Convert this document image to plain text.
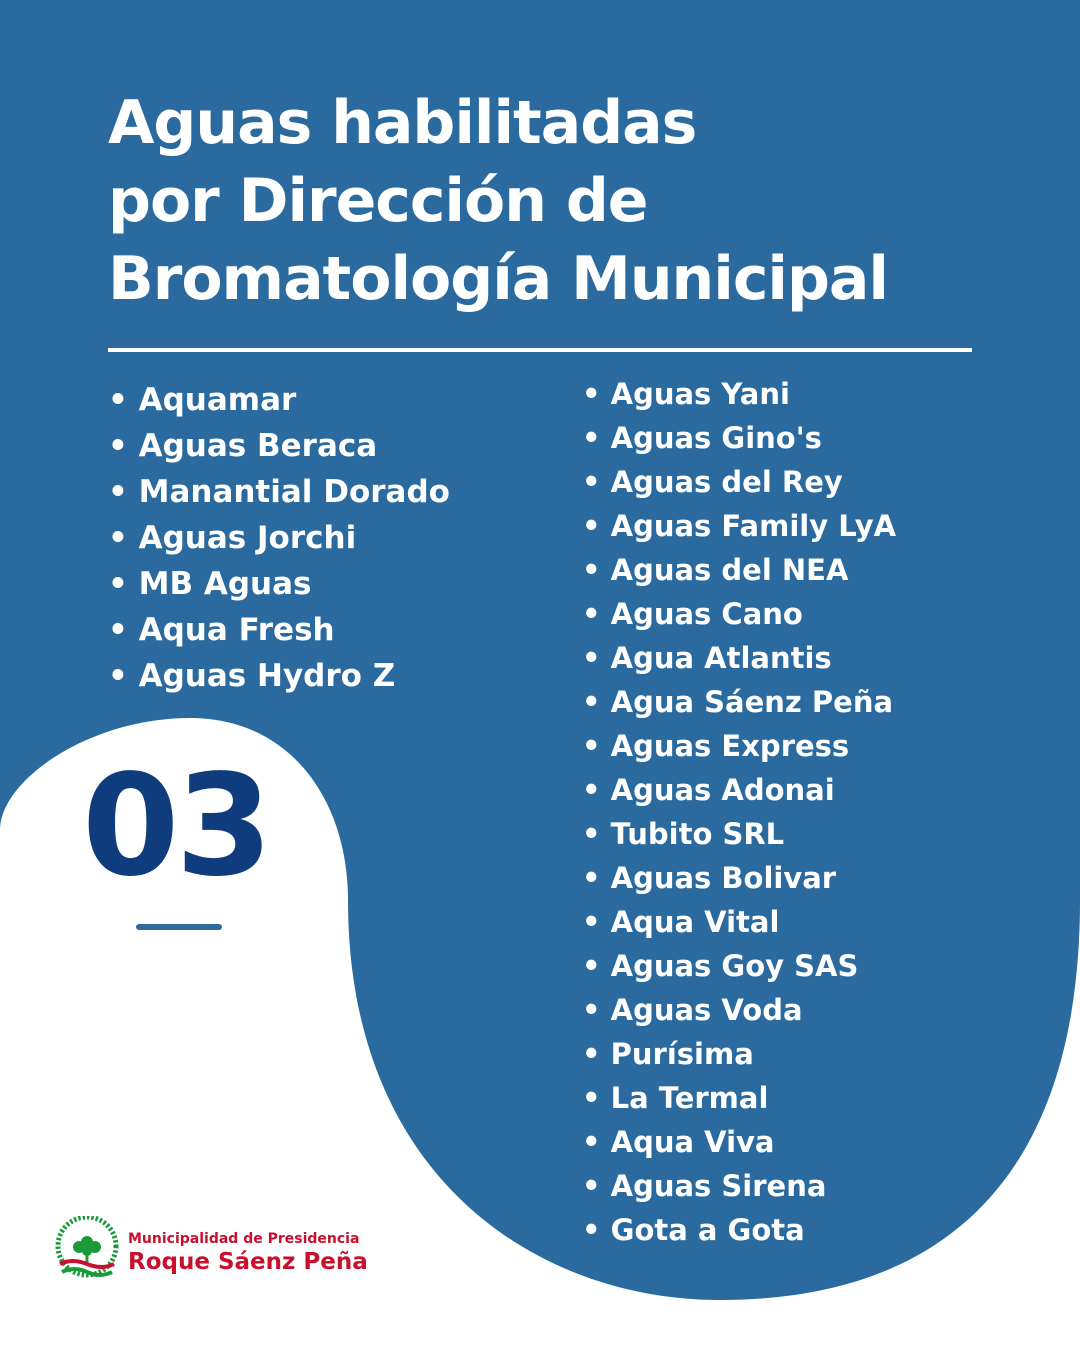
Aguas habilitadas
por Dirección de
Bromatología Municipal
• Aquamar
• Aguas Beraca
• Manantial Dorado
• Aguas Jorchi
• MB Aguas
• Aqua Fresh
• Aguas Hydro Z
• Aguas Yani
• Aguas Gino's
• Aguas del Rey
• Aguas Family LyA
• Aguas del NEA
• Aguas Cano
• Agua Atlantis
• Agua Sáenz Peña
• Aguas Express
• Aguas Adonai
• Tubito SRL
• Aguas Bolivar
• Aqua Vital
• Aguas Goy SAS
• Aguas Voda
• Purísima
• La Termal
• Aqua Viva
• Aguas Sirena
• Gota a Gota
03
Municipalidad de Presidencia
Roque Sáenz Peña
